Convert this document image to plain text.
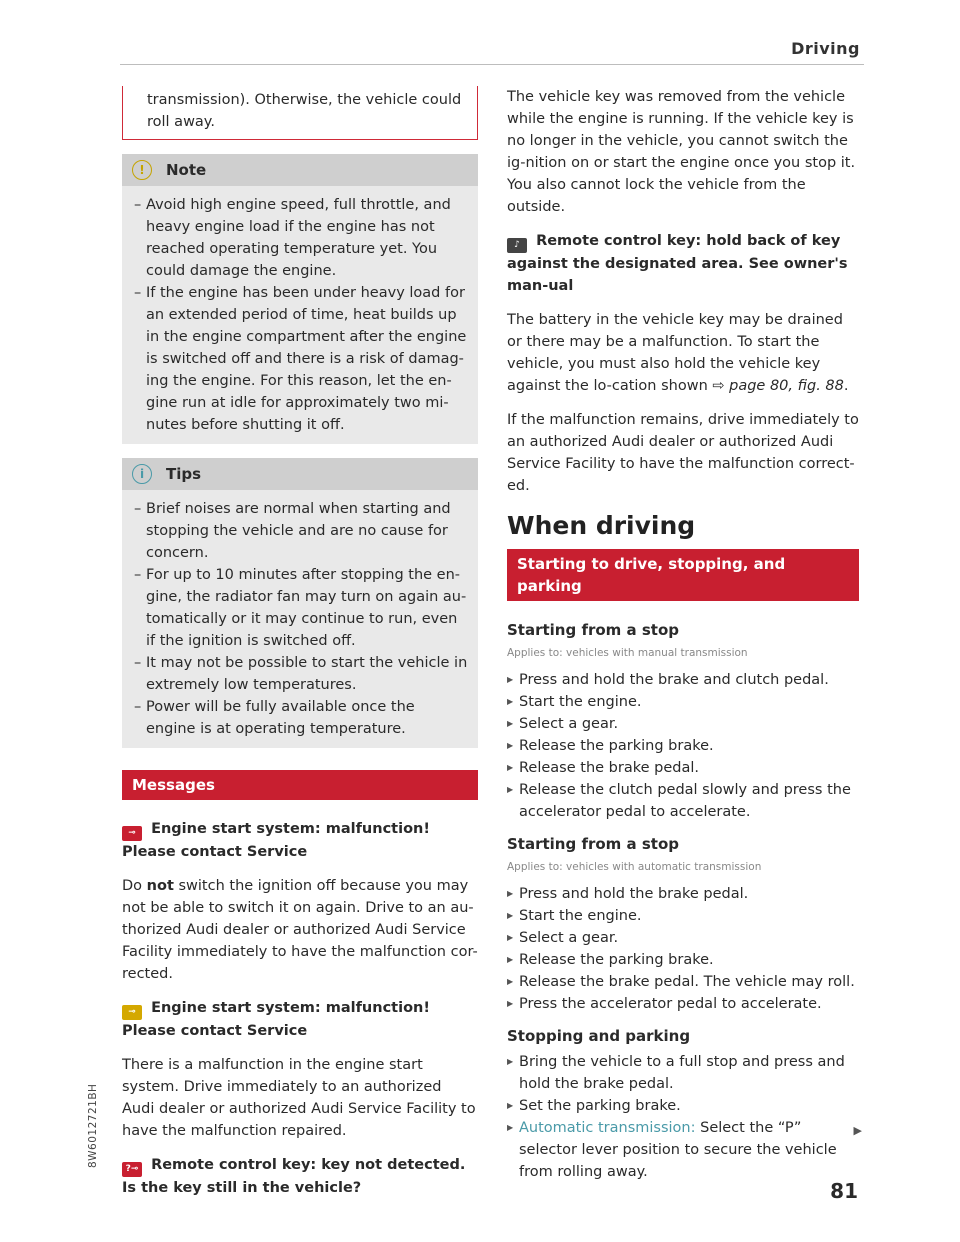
Driving

transmission). Otherwise, the vehicle could roll away.

!	Note
– Avoid high engine speed, full throttle, and heavy engine load if the engine has not reached operating temperature yet. You could damage the engine.
– If the engine has been under heavy load for an extended period of time, heat builds up in the engine compartment after the engine is switched off and there is a risk of damag-ing the engine. For this reason, let the en-gine run at idle for approximately two mi-nutes before shutting it off.
i	Tips
– Brief noises are normal when starting and stopping the vehicle and are no cause for concern.
– For up to 10 minutes after stopping the en-gine, the radiator fan may turn on again au-tomatically or it may continue to run, even if the ignition is switched off.
– It may not be possible to start the vehicle in extremely low temperatures.
– Power will be fully available once the engine is at operating temperature.
Messages
⊸ Engine start system: malfunction! Please contact Service

Do not switch the ignition off because you may not be able to switch it on again. Drive to an au-thorized Audi dealer or authorized Audi Service Facility immediately to have the malfunction cor-rected.

⊸ Engine start system: malfunction! Please contact Service

There is a malfunction in the engine start system. Drive immediately to an authorized Audi dealer or authorized Audi Service Facility to have the malfunction repaired.

?⊸ Remote control key: key not detected. Is the key still in the vehicle?

The vehicle key was removed from the vehicle while the engine is running. If the vehicle key is no longer in the vehicle, you cannot switch the ig-nition on or start the engine once you stop it. You also cannot lock the vehicle from the outside.

♪ Remote control key: hold back of key against the designated area. See owner's man-ual

The battery in the vehicle key may be drained or there may be a malfunction. To start the vehicle, you must also hold the vehicle key against the lo-cation shown ⇨ page 80, fig. 88.

If the malfunction remains, drive immediately to an authorized Audi dealer or authorized Audi Service Facility to have the malfunction correct-ed.

When driving
Starting to drive, stopping, and parking
Starting from a stop
Applies to: vehicles with manual transmission
▶ Press and hold the brake and clutch pedal.
▶ Start the engine.
▶ Select a gear.
▶ Release the parking brake.
▶ Release the brake pedal.
▶ Release the clutch pedal slowly and press the accelerator pedal to accelerate.
Starting from a stop
Applies to: vehicles with automatic transmission
▶ Press and hold the brake pedal.
▶ Start the engine.
▶ Select a gear.
▶ Release the parking brake.
▶ Release the brake pedal. The vehicle may roll.
▶ Press the accelerator pedal to accelerate.
Stopping and parking
▶ Bring the vehicle to a full stop and press and hold the brake pedal.
▶ Set the parking brake.
▶ Automatic transmission: Select the “P” selector lever position to secure the vehicle from rolling away.
▶
81
8W6012721BH
